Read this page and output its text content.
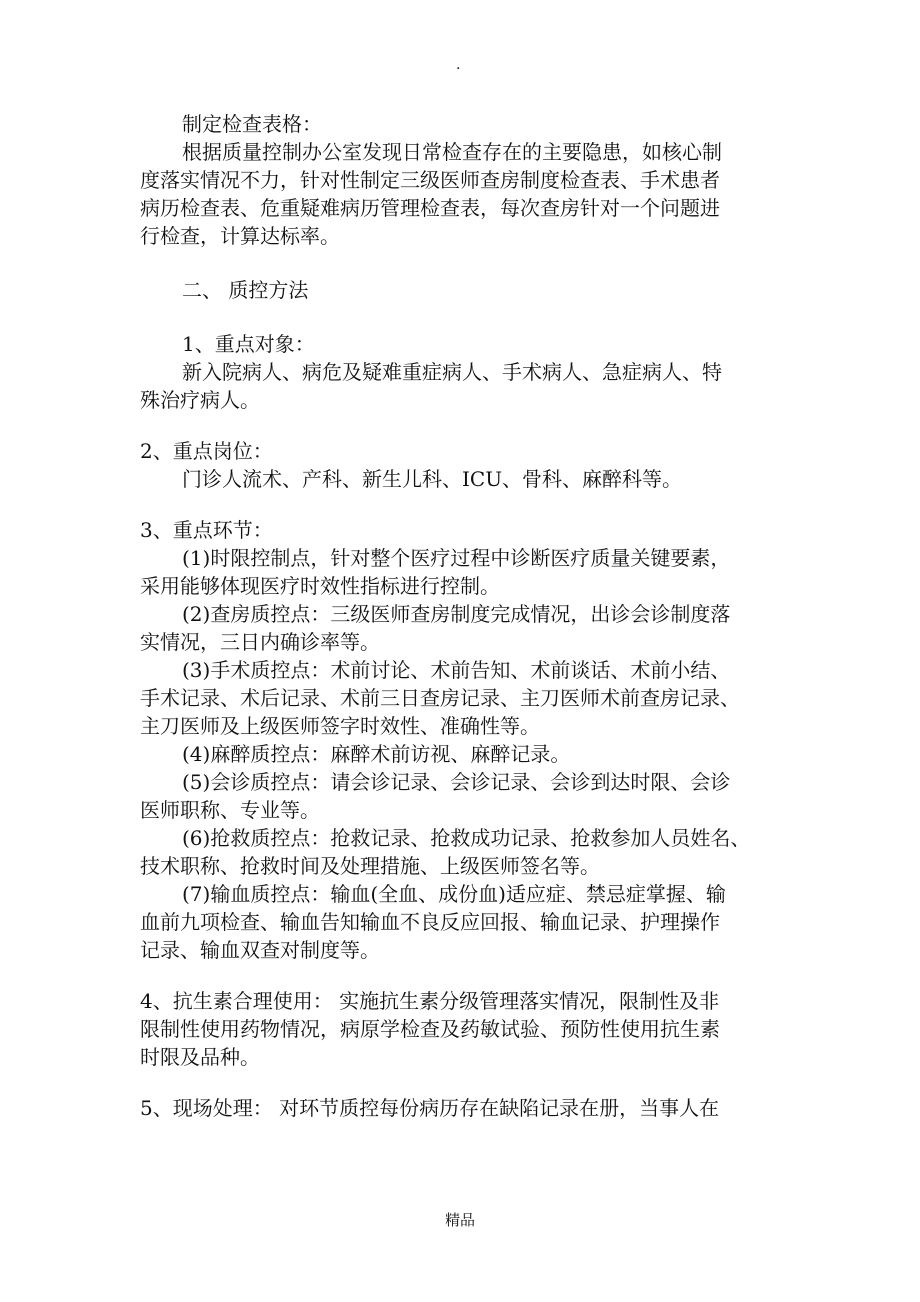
.
制定检查表格：
根据质量控制办公室发现日常检查存在的主要隐患，如核心制
度落实情况不力，针对性制定三级医师查房制度检查表、手术患者
病历检查表、危重疑难病历管理检查表，每次查房针对一个问题进
行检查，计算达标率。
二、 质控方法
1、重点对象：
新入院病人、病危及疑难重症病人、手术病人、急症病人、特
殊治疗病人。
2、重点岗位：
门诊人流术、产科、新生儿科、ICU、骨科、麻醉科等。
3、重点环节：
(1)时限控制点，针对整个医疗过程中诊断医疗质量关键要素，
采用能够体现医疗时效性指标进行控制。
(2)查房质控点：三级医师查房制度完成情况，出诊会诊制度落
实情况，三日内确诊率等。
(3)手术质控点：术前讨论、术前告知、术前谈话、术前小结、
手术记录、术后记录、术前三日查房记录、主刀医师术前查房记录、
主刀医师及上级医师签字时效性、准确性等。
(4)麻醉质控点：麻醉术前访视、麻醉记录。
(5)会诊质控点：请会诊记录、会诊记录、会诊到达时限、会诊
医师职称、专业等。
(6)抢救质控点：抢救记录、抢救成功记录、抢救参加人员姓名、
技术职称、抢救时间及处理措施、上级医师签名等。
(7)输血质控点：输血(全血、成份血)适应症、禁忌症掌握、输
血前九项检查、输血告知输血不良反应回报、输血记录、护理操作
记录、输血双查对制度等。
4、抗生素合理使用： 实施抗生素分级管理落实情况，限制性及非
限制性使用药物情况，病原学检查及药敏试验、预防性使用抗生素
时限及品种。
5、现场处理： 对环节质控每份病历存在缺陷记录在册，当事人在
精品
